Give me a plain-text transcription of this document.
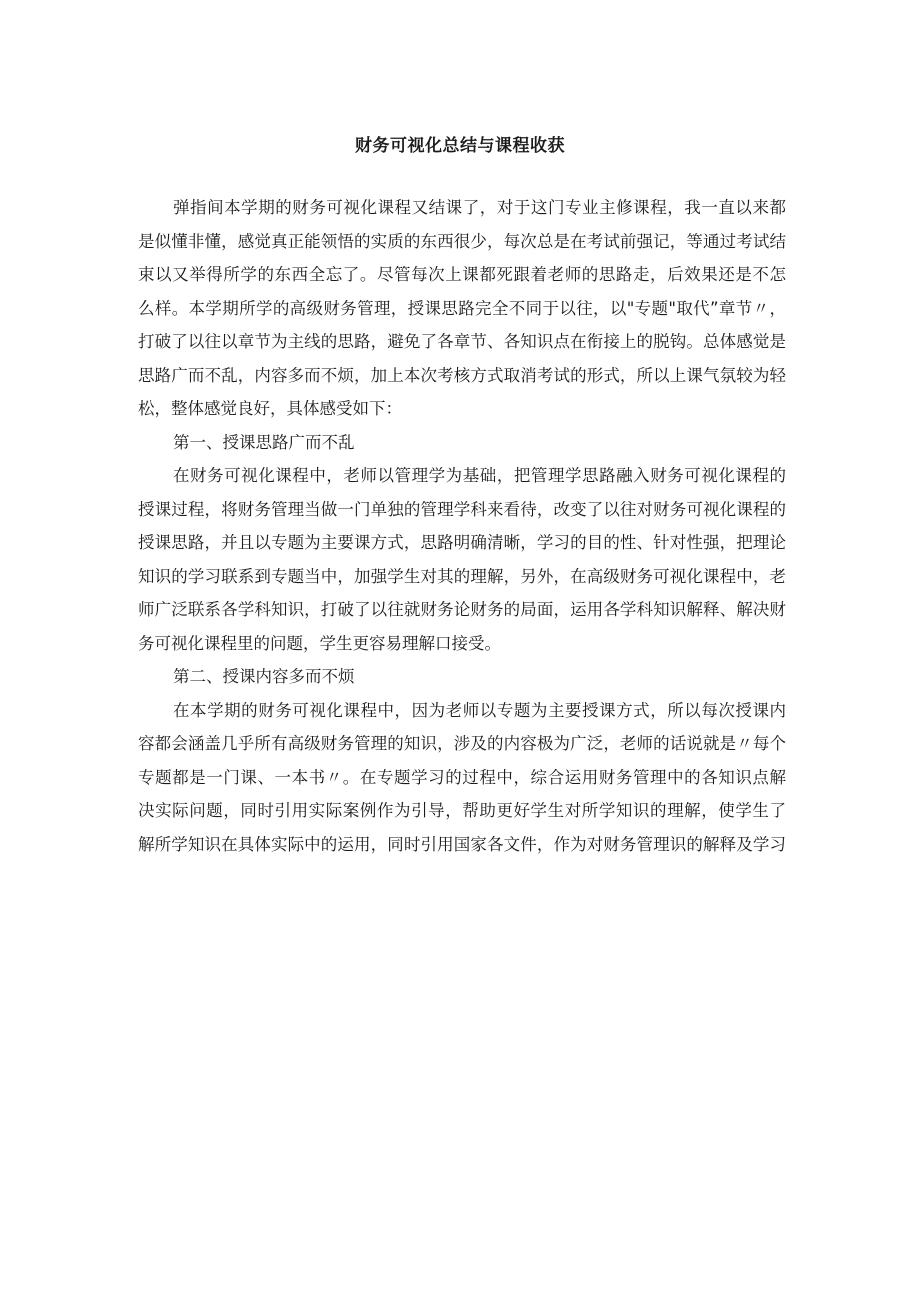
财务可视化总结与课程收获
弹指间本学期的财务可视化课程又结课了，对于这门专业主修课程，我一直以来都
是似懂非懂，感觉真正能领悟的实质的东西很少，每次总是在考试前强记，等通过考试结
束以又举得所学的东西全忘了。尽管每次上课都死跟着老师的思路走，后效果还是不怎
么样。本学期所学的高级财务管理，授课思路完全不同于以往，以"专题"取代”章节〃，
打破了以往以章节为主线的思路，避免了各章节、各知识点在衔接上的脱钩。总体感觉是
思路广而不乱，内容多而不烦，加上本次考核方式取消考试的形式，所以上课气氛较为轻
松，整体感觉良好，具体感受如下：
第一、授课思路广而不乱
在财务可视化课程中，老师以管理学为基础，把管理学思路融入财务可视化课程的
授课过程，将财务管理当做一门单独的管理学科来看待，改变了以往对财务可视化课程的
授课思路，并且以专题为主要课方式，思路明确清晰，学习的目的性、针对性强，把理论
知识的学习联系到专题当中，加强学生对其的理解，另外，在高级财务可视化课程中，老
师广泛联系各学科知识，打破了以往就财务论财务的局面，运用各学科知识解释、解决财
务可视化课程里的问题，学生更容易理解口接受。
第二、授课内容多而不烦
在本学期的财务可视化课程中，因为老师以专题为主要授课方式，所以每次授课内
容都会涵盖几乎所有高级财务管理的知识，涉及的内容极为广泛，老师的话说就是〃每个
专题都是一门课、一本书〃。在专题学习的过程中，综合运用财务管理中的各知识点解
决实际问题，同时引用实际案例作为引导，帮助更好学生对所学知识的理解，使学生了
解所学知识在具体实际中的运用，同时引用国家各文件，作为对财务管理识的解释及学习
